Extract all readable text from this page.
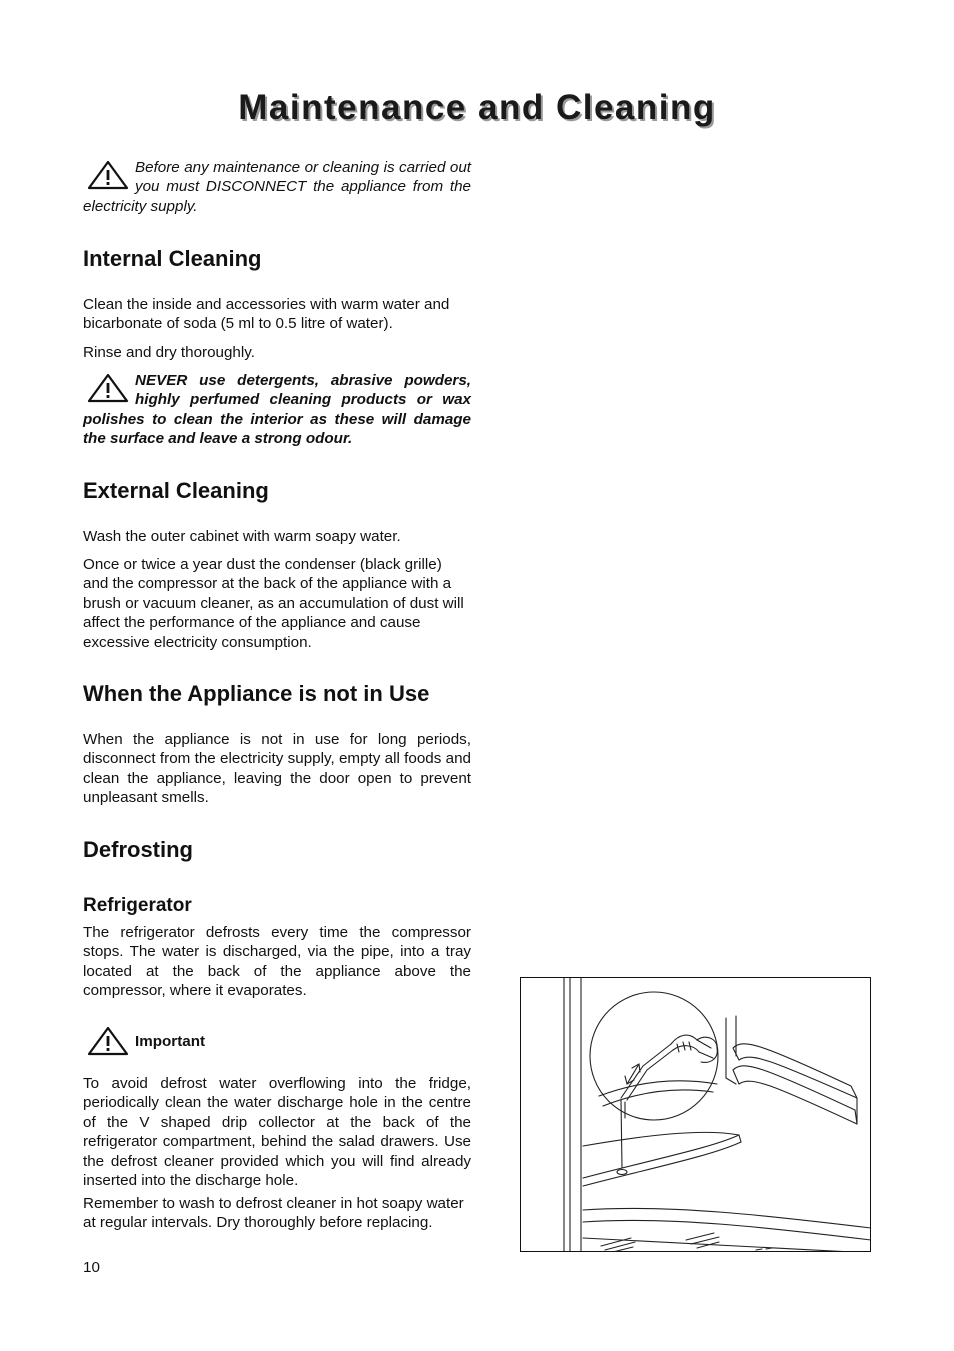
Maintenance and Cleaning

Before any maintenance or cleaning is carried out you must DISCONNECT the appliance from the electricity supply.

Internal Cleaning

Clean the inside and accessories with warm water and bicarbonate of soda (5 ml to 0.5 litre of water).

Rinse and dry thoroughly.

NEVER use detergents, abrasive powders, highly perfumed cleaning products or wax polishes to clean the interior as these will damage the surface and leave a strong odour.

External Cleaning

Wash the outer cabinet with warm soapy water.

Once or twice a year dust the condenser (black grille) and the compressor at the back of the appliance with a brush or vacuum cleaner, as an accumulation of dust will affect the performance of the appliance and cause excessive electricity consumption.

When the Appliance is not in Use

When the appliance is not in use for long periods, disconnect from the electricity supply, empty all foods and clean the appliance, leaving the door open to prevent unpleasant smells.

Defrosting
Refrigerator

The refrigerator defrosts every time the compressor stops. The water is discharged, via the pipe, into a tray located at the back of the appliance above the compressor, where it evaporates.

Important

To avoid defrost water overflowing into the fridge, periodically clean the water discharge hole in the centre of the V shaped drip collector at the back of the refrigerator compartment, behind the salad drawers. Use the defrost cleaner provided which you will find already inserted into the discharge hole.

Remember to wash to defrost cleaner in hot soapy water at regular intervals. Dry thoroughly before replacing.

10
